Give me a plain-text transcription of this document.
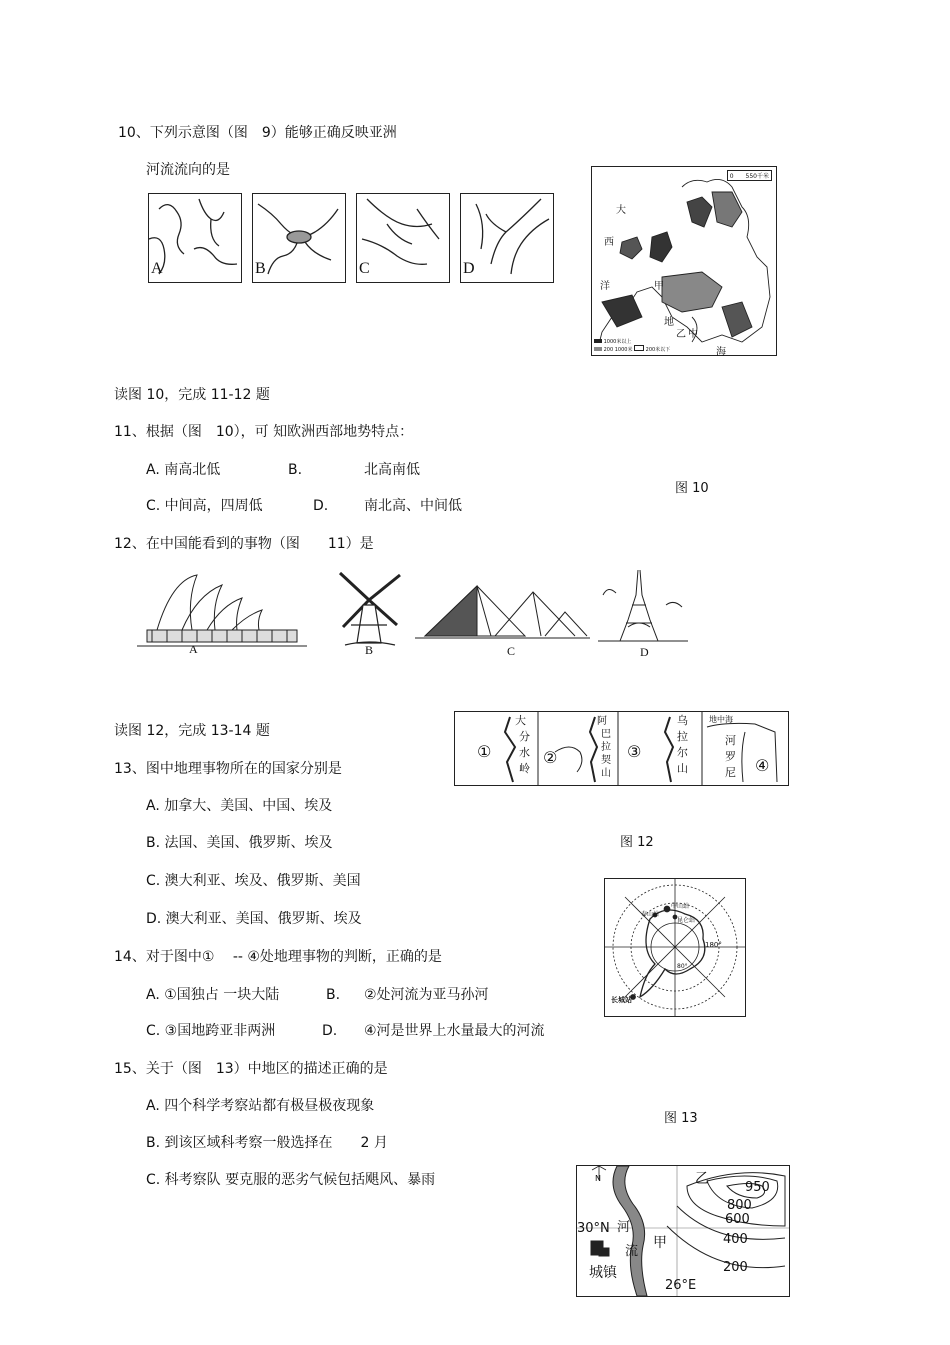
10、下列示意图（图　9）能够正确反映亚洲
河流流向的是
A	B	C	D
0　　550千米
大
西
洋	甲
地
乙 中
海
1000米以上
200 1000米	200米以下
读图 10，完成 11-12 题
11、根据（图　10），可 知欧洲西部地势特点：
A. 南高北低	B.	北高南低
C. 中间高，四周低	D.	南北高、中间低
图 10
12、在中国能看到的事物（图　　11）是
A	B	C	D
读图 12，完成 13-14 题
①
大
分
水
岭
②
阿
巴
拉
契
山
③
乌
拉
尔
山
地中海
河
罗
尼 ④
13、图中地理事物所在的国家分别是
A. 加拿大、美国、中国、埃及
B. 法国、美国、俄罗斯、埃及	图 12
C. 澳大利亚、埃及、俄罗斯、美国
D. 澳大利亚、美国、俄罗斯、埃及
中山站
泰山站
昆仑站
180°
80°
长城站
14、对于图中①　 -- ④处地理事物的判断，正确的是
A. ①国独占 一块大陆	B. ②处河流为亚马孙河
C. ③国地跨亚非两洲	D. ④河是世界上水量最大的河流
15、关于（图　13）中地区的描述正确的是
A. 四个科学考察站都有极昼极夜现象
图 13
B. 到该区域科考察一般选择在　　2 月
C. 科考察队 要克服的恶劣气候包括飓风、暴雨	N	乙
950
800
600
400
200
30°N 河
流
甲
城镇
26°E
